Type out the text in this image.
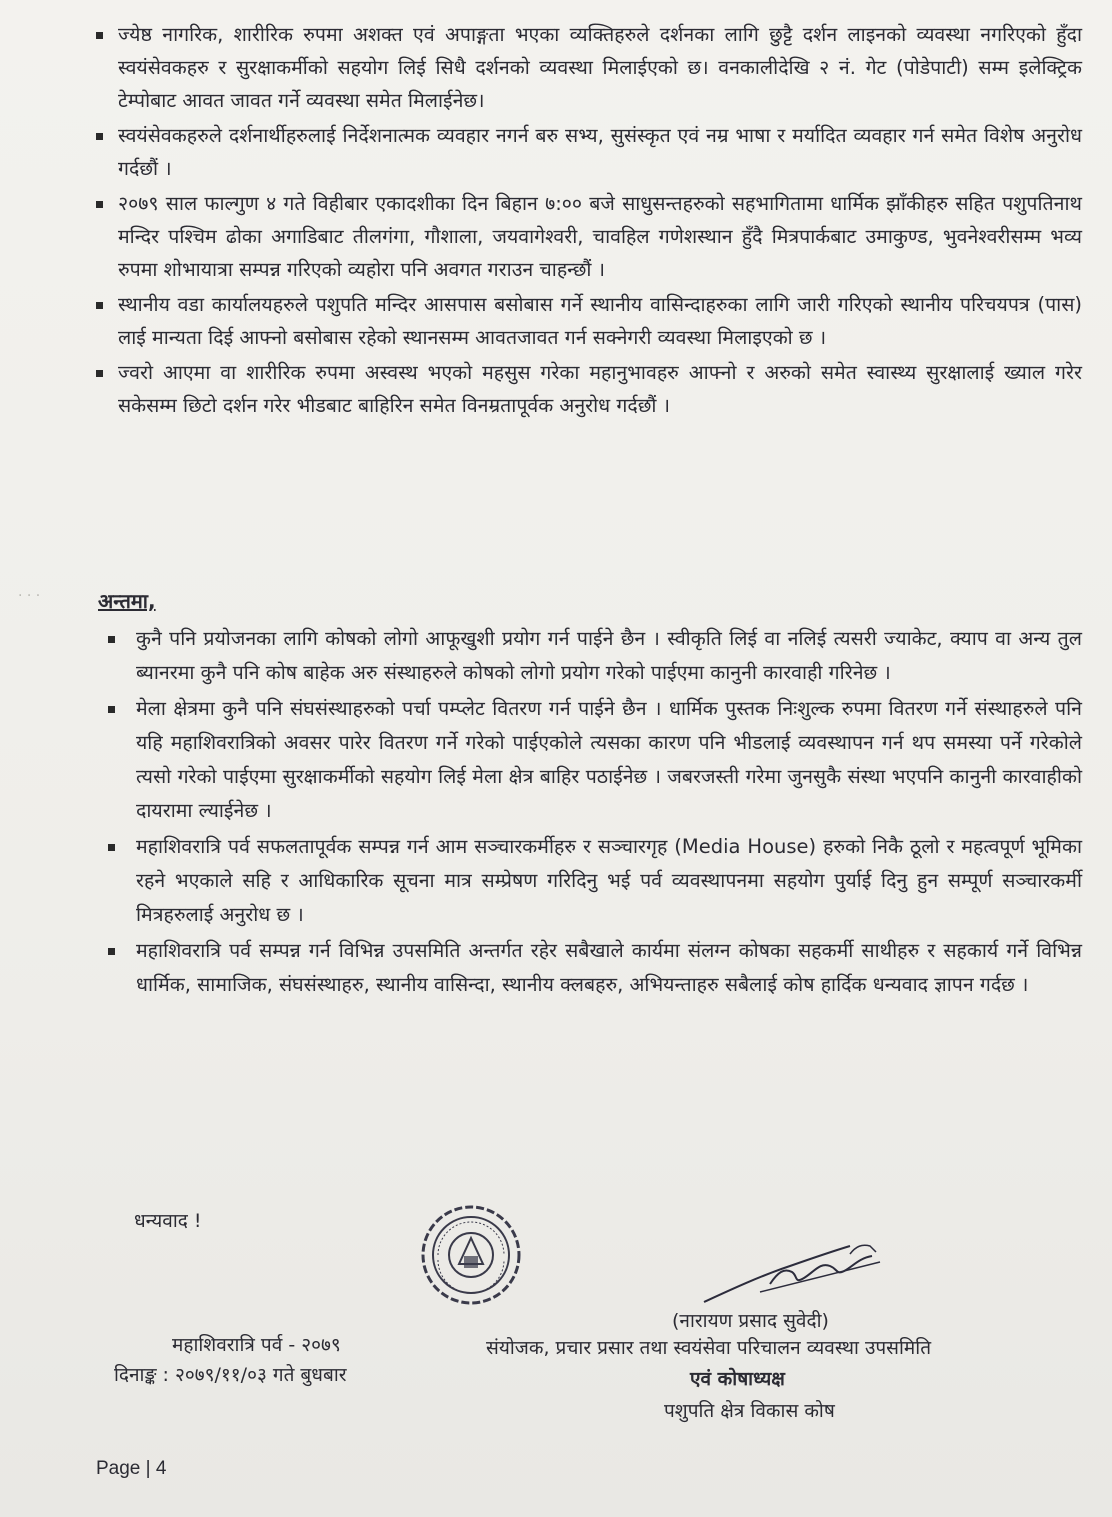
ज्येष्ठ नागरिक, शारीरिक रुपमा अशक्त एवं अपाङ्गता भएका व्यक्तिहरुले दर्शनका लागि छुट्टै दर्शन लाइनको व्यवस्था नगरिएको हुँदा स्वयंसेवकहरु र सुरक्षाकर्मीको सहयोग लिई सिधै दर्शनको व्यवस्था मिलाईएको छ। वनकालीदेखि २ नं. गेट (पोडेपाटी) सम्म इलेक्ट्रिक टेम्पोबाट आवत जावत गर्ने व्यवस्था समेत मिलाईनेछ।
स्वयंसेवकहरुले दर्शनार्थीहरुलाई निर्देशनात्मक व्यवहार नगर्न बरु सभ्य, सुसंस्कृत एवं नम्र भाषा र मर्यादित व्यवहार गर्न समेत विशेष अनुरोध गर्दछौं ।
२०७९ साल फाल्गुण ४ गते विहीबार एकादशीका दिन बिहान ७:०० बजे साधुसन्तहरुको सहभागितामा धार्मिक झाँकीहरु सहित पशुपतिनाथ मन्दिर पश्चिम ढोका अगाडिबाट तीलगंगा, गौशाला, जयवागेश्वरी, चावहिल गणेशस्थान हुँदै मित्रपार्कबाट उमाकुण्ड, भुवनेश्वरीसम्म भव्य रुपमा शोभायात्रा सम्पन्न गरिएको व्यहोरा पनि अवगत गराउन चाहन्छौं ।
स्थानीय वडा कार्यालयहरुले पशुपति मन्दिर आसपास बसोबास गर्ने स्थानीय वासिन्दाहरुका लागि जारी गरिएको स्थानीय परिचयपत्र (पास) लाई मान्यता दिई आफ्नो बसोबास रहेको स्थानसम्म आवतजावत गर्न सक्नेगरी व्यवस्था मिलाइएको छ ।
ज्वरो आएमा वा शारीरिक रुपमा अस्वस्थ भएको महसुस गरेका महानुभावहरु आफ्नो र अरुको समेत स्वास्थ्य सुरक्षालाई ख्याल गरेर सकेसम्म छिटो दर्शन गरेर भीडबाट बाहिरिन समेत विनम्रतापूर्वक अनुरोध गर्दछौं ।
· · ·	अन्तमा,
कुनै पनि प्रयोजनका लागि कोषको लोगो आफूखुशी प्रयोग गर्न पाईने छैन । स्वीकृति लिई वा नलिई त्यसरी ज्याकेट, क्याप वा अन्य तुल ब्यानरमा कुनै पनि कोष बाहेक अरु संस्थाहरुले कोषको लोगो प्रयोग गरेको पाईएमा कानुनी कारवाही गरिनेछ ।
मेला क्षेत्रमा कुनै पनि संघसंस्थाहरुको पर्चा पम्प्लेट वितरण गर्न पाईने छैन । धार्मिक पुस्तक निःशुल्क रुपमा वितरण गर्ने संस्थाहरुले पनि यहि महाशिवरात्रिको अवसर पारेर वितरण गर्ने गरेको पाईएकोले त्यसका कारण पनि भीडलाई व्यवस्थापन गर्न थप समस्या पर्ने गरेकोले त्यसो गरेको पाईएमा सुरक्षाकर्मीको सहयोग लिई मेला क्षेत्र बाहिर पठाईनेछ । जबरजस्ती गरेमा जुनसुकै संस्था भएपनि कानुनी कारवाहीको दायरामा ल्याईनेछ ।
महाशिवरात्रि पर्व सफलतापूर्वक सम्पन्न गर्न आम सञ्चारकर्मीहरु र सञ्चारगृह (Media House) हरुको निकै ठूलो र महत्वपूर्ण भूमिका रहने भएकाले सहि र आधिकारिक सूचना मात्र सम्प्रेषण गरिदिनु भई पर्व व्यवस्थापनमा सहयोग पुर्याई दिनु हुन सम्पूर्ण सञ्चारकर्मी मित्रहरुलाई अनुरोध छ ।
महाशिवरात्रि पर्व सम्पन्न गर्न विभिन्न उपसमिति अन्तर्गत रहेर सबैखाले कार्यमा संलग्न कोषका सहकर्मी साथीहरु र सहकार्य गर्ने विभिन्न धार्मिक, सामाजिक, संघसंस्थाहरु, स्थानीय वासिन्दा, स्थानीय क्लबहरु, अभियन्ताहरु सबैलाई कोष हार्दिक धन्यवाद ज्ञापन गर्दछ ।
धन्यवाद !
(नारायण प्रसाद सुवेदी)
महाशिवरात्रि पर्व - २०७९	संयोजक, प्रचार प्रसार तथा स्वयंसेवा परिचालन व्यवस्था उपसमिति
दिनाङ्क : २०७९/११/०३ गते बुधबार	एवं कोषाध्यक्ष
पशुपति क्षेत्र विकास कोष
Page | 4
